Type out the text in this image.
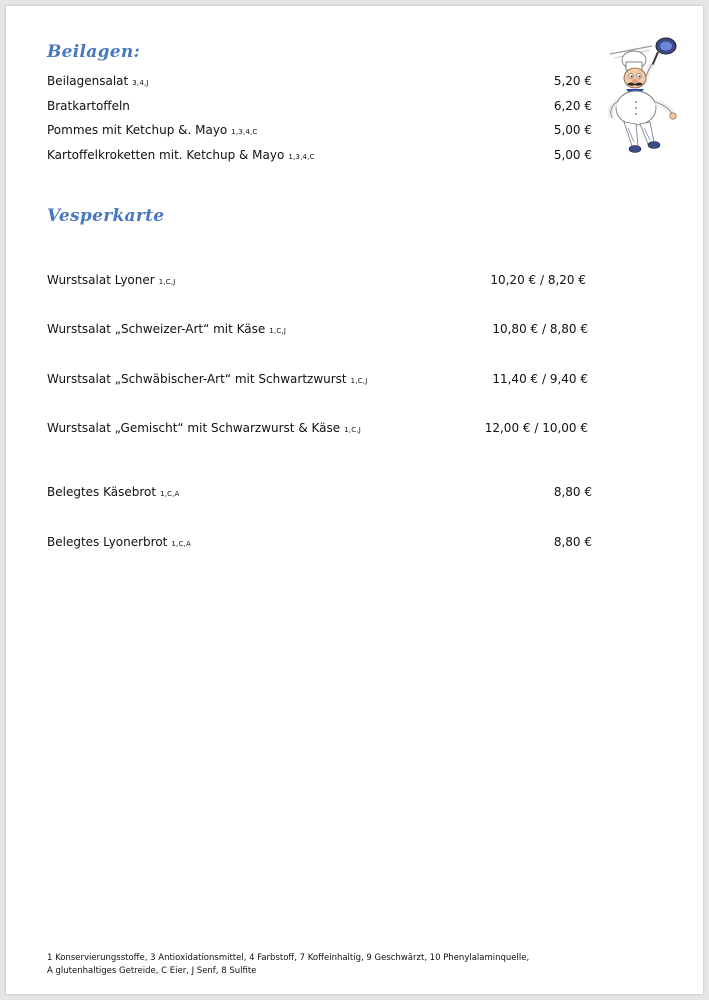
Beilagen:
Beilagensalat 3,4,J	5,20 €
Bratkartoffeln	6,20 €
Pommes mit Ketchup &. Mayo 1,3,4,C	5,00 €
Kartoffelkroketten mit. Ketchup & Mayo 1,3,4,C	5,00 €
Vesperkarte
Wurstsalat Lyoner 1,C,J	10,20 € / 8,20 €
Wurstsalat „Schweizer-Art“ mit Käse 1,C,J	10,80 € / 8,80 €
Wurstsalat „Schwäbischer-Art“ mit Schwartzwurst 1,C,J	11,40 € / 9,40 €
Wurstsalat „Gemischt“ mit Schwarzwurst & Käse 1,C,J	12,00 € / 10,00 €
Belegtes Käsebrot 1,C,A	8,80 €
Belegtes Lyonerbrot 1,C,A	8,80 €
1 Konservierungsstoffe, 3 Antioxidationsmittel, 4 Farbstoff, 7 Koffeinhaltig, 9 Geschwärzt, 10 Phenylalaminquelle,
A glutenhaltiges Getreide, C Eier, J Senf, 8 Sulfite
